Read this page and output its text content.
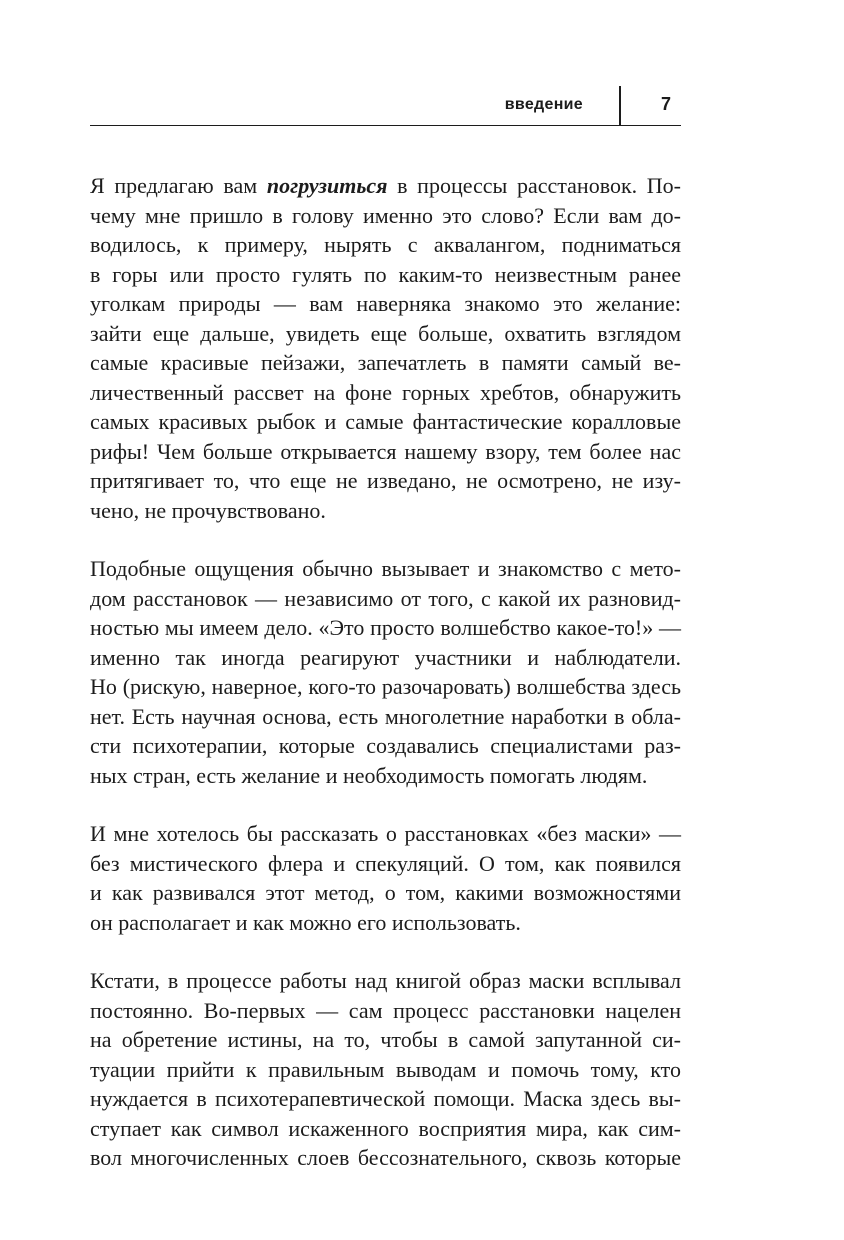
введение	7
Я предлагаю вам погрузиться в процессы расстановок. По-
чему мне пришло в голову именно это слово? Если вам до-
водилось, к примеру, нырять с аквалангом, подниматься
в горы или просто гулять по каким-то неизвестным ранее
уголкам природы — вам наверняка знакомо это желание:
зайти еще дальше, увидеть еще больше, охватить взглядом
самые красивые пейзажи, запечатлеть в памяти самый ве-
личественный рассвет на фоне горных хребтов, обнаружить
самых красивых рыбок и самые фантастические коралловые
рифы! Чем больше открывается нашему взору, тем более нас
притягивает то, что еще не изведано, не осмотрено, не изу-
чено, не прочувствовано.
Подобные ощущения обычно вызывает и знакомство с мето-
дом расстановок — независимо от того, с какой их разновид-
ностью мы имеем дело. «Это просто волшебство какое-то!» —
именно так иногда реагируют участники и наблюдатели.
Но (рискую, наверное, кого-то разочаровать) волшебства здесь
нет. Есть научная основа, есть многолетние наработки в обла-
сти психотерапии, которые создавались специалистами раз-
ных стран, есть желание и необходимость помогать людям.
И мне хотелось бы рассказать о расстановках «без маски» —
без мистического флера и спекуляций. О том, как появился
и как развивался этот метод, о том, какими возможностями
он располагает и как можно его использовать.
Кстати, в процессе работы над книгой образ маски всплывал
постоянно. Во-первых — сам процесс расстановки нацелен
на обретение истины, на то, чтобы в самой запутанной си-
туации прийти к правильным выводам и помочь тому, кто
нуждается в психотерапевтической помощи. Маска здесь вы-
ступает как символ искаженного восприятия мира, как сим-
вол многочисленных слоев бессознательного, сквозь которые
